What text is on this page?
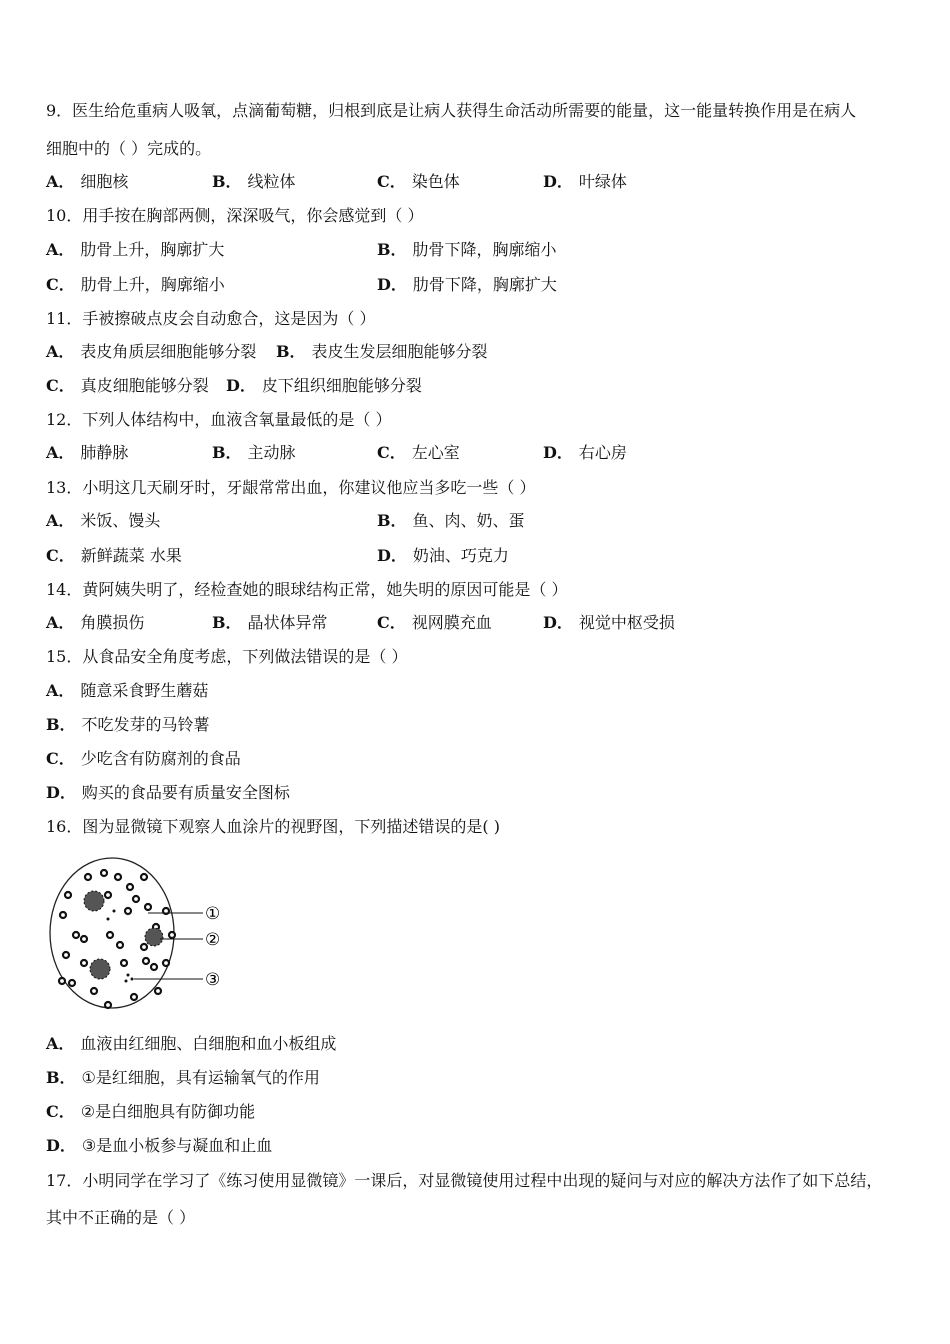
9．医生给危重病人吸氧，点滴葡萄糖，归根到底是让病人获得生命活动所需要的能量，这一能量转换作用是在病人
细胞中的（ ）完成的。
A． 细胞核	B． 线粒体	C． 染色体	D． 叶绿体
10．用手按在胸部两侧，深深吸气，你会感觉到（ ）
A． 肋骨上升，胸廓扩大	B． 肋骨下降，胸廓缩小
C． 肋骨上升，胸廓缩小	D． 肋骨下降，胸廓扩大
11．手被擦破点皮会自动愈合，这是因为（ ）
A． 表皮角质层细胞能够分裂 B． 表皮生发层细胞能够分裂
C． 真皮细胞能够分裂 D． 皮下组织细胞能够分裂
12．下列人体结构中，血液含氧量最低的是（ ）
A． 肺静脉	B． 主动脉	C． 左心室	D． 右心房
13．小明这几天刷牙时，牙龈常常出血，你建议他应当多吃一些（ ）
A． 米饭、馒头	B． 鱼、肉、奶、蛋
C． 新鲜蔬菜 水果	D． 奶油、巧克力
14．黄阿姨失明了，经检查她的眼球结构正常，她失明的原因可能是（ ）
A． 角膜损伤	B． 晶状体异常	C． 视网膜充血	D． 视觉中枢受损
15．从食品安全角度考虑，下列做法错误的是（ ）
A． 随意采食野生蘑菇
B． 不吃发芽的马铃薯
C． 少吃含有防腐剂的食品
D． 购买的食品要有质量安全图标
16．图为显微镜下观察人血涂片的视野图，下列描述错误的是( )
①
②
③
A． 血液由红细胞、白细胞和血小板组成
B． ①是红细胞，具有运输氧气的作用
C． ②是白细胞具有防御功能
D． ③是血小板参与凝血和止血
17．小明同学在学习了《练习使用显微镜》一课后，对显微镜使用过程中出现的疑问与对应的解决方法作了如下总结，
其中不正确的是（ ）
